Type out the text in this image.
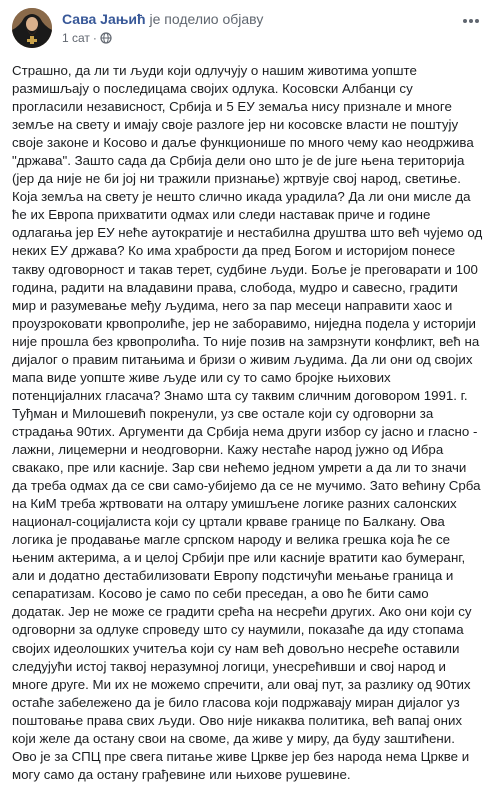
Сава Јањић је поделио објаву
1 сат ·

Страшно, да ли ти људи који одлучују о нашим животима уопште размишљају о последицама својих одлука. Косовски Албанци су прогласили независност, Србија и 5 ЕУ земаља нису признале и многе земље на свету и имају своје разлоге јер ни косовске власти не поштују своје законе и Косово и даље функционише по много чему као неодржива "држава". Зашто сада да Србија дели оно што је de jure њена територија (јер да није не би јој ни тражили признање) жртвује свој народ, светиње. Која земља на свету је нешто слично икада урадила? Да ли они мисле да ће их Европа прихватити одмах или следи наставак приче и године одлагања јер ЕУ неће аутократије и нестабилна друштва што већ чујемо од неких ЕУ држава? Ко има храбрости да пред Богом и историјом понесе такву одговорност и такав терет, судбине људи. Боље је преговарати и 100 година, радити на владавини права, слобода, мудро и савесно, градити мир и разумевање међу људима, него за пар месеци направити хаос и проузроковати крвопролиће, јер не заборавимо, ниједна подела у историји није прошла без крвопролића. То није позив на замрзнути конфликт, већ на дијалог о правим питањима и бризи о живим људима. Да ли они од својих мапа виде уопште живе људе или су то само бројке њихових потенцијалних гласача? Знамо шта су таквим сличним договором 1991. г. Туђман и Милошевић покренули, уз све остале који су одговорни за страдања 90тих. Аргументи да Србија нема други избор су јасно и гласно - лажни, лицемерни и неодговорни. Кажу нестаће народ јужно од Ибра свакако, пре или касније. Зар сви нећемо једном умрети а да ли то значи да треба одмах да се сви само-убијемо да се не мучимо. Зато већину Срба на КиМ треба жртвовати на олтару умишљене логике разних салонских национал-социјалиста који су цртали крваве границе по Балкану. Ова логика је продавање магле српском народу и велика грешка која ће се њеним актерима, а и целој Србији пре или касније вратити као бумеранг, али и додатно дестабилизовати Европу подстичући мењање граница и сепаратизам. Косово је само по себи преседан, а ово ће бити само додатак. Јер не може се градити срећа на несрећи других. Ако они који су одговорни за одлуке спроведу што су наумили, показаће да иду стопама својих идеолошких учитеља који су нам већ довољно несреће оставили следујући истој таквој неразумној логици, унесрећивши и свој народ и многе друге. Ми их не можемо спречити, али овај пут, за разлику од 90тих остаће забележено да је било гласова који подржавају миран дијалог уз поштовање права свих људи. Ово није никаква политика, већ вапај оних који желе да остану свои на своме, да живе у миру, да буду заштићени. Ово је за СПЦ пре свега питање живе Цркве јер без народа нема Цркве и могу само да остану грађевине или њихове рушевине.
